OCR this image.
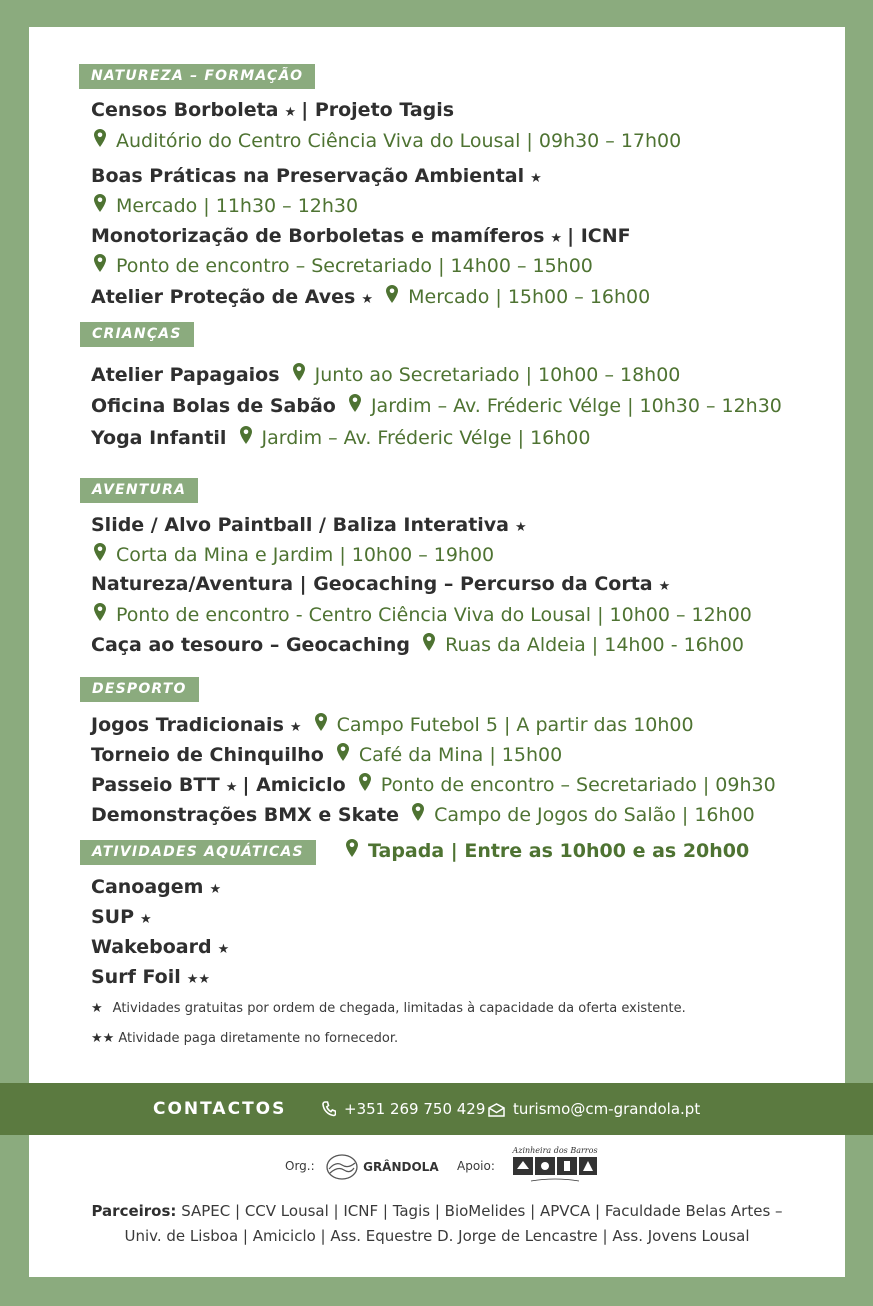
NATUREZA – FORMAÇÃO
Censos Borboleta ★ | Projeto Tagis
Auditório do Centro Ciência Viva do Lousal | 09h30 – 17h00
Boas Práticas na Preservação Ambiental ★
Mercado | 11h30 – 12h30
Monotorização de Borboletas e mamíferos ★ | ICNF
Ponto de encontro – Secretariado | 14h00 – 15h00
Atelier Proteção de Aves ★ Mercado | 15h00 – 16h00
CRIANÇAS
Atelier Papagaios Junto ao Secretariado | 10h00 – 18h00
Oficina Bolas de Sabão Jardim – Av. Fréderic Vélge | 10h30 – 12h30
Yoga Infantil Jardim – Av. Fréderic Vélge | 16h00
AVENTURA
Slide / Alvo Paintball / Baliza Interativa ★
Corta da Mina e Jardim | 10h00 – 19h00
Natureza/Aventura | Geocaching – Percurso da Corta ★
Ponto de encontro - Centro Ciência Viva do Lousal | 10h00 – 12h00
Caça ao tesouro – Geocaching Ruas da Aldeia | 14h00 - 16h00
DESPORTO
Jogos Tradicionais ★ Campo Futebol 5 | A partir das 10h00
Torneio de Chinquilho Café da Mina | 15h00
Passeio BTT ★ | Amiciclo Ponto de encontro – Secretariado | 09h30
Demonstrações BMX e Skate Campo de Jogos do Salão | 16h00
ATIVIDADES AQUÁTICAS	Tapada | Entre as 10h00 e as 20h00
Canoagem ★
SUP ★
Wakeboard ★
Surf Foil ★★
★ Atividades gratuitas por ordem de chegada, limitadas à capacidade da oferta existente.
★★ Atividade paga diretamente no fornecedor.
CONTACTOS	+351 269 750 429	turismo@cm-grandola.pt
Org.:	GRÂNDOLA Apoio:
Azinheira dos Barros
Parceiros: SAPEC | CCV Lousal | ICNF | Tagis | BioMelides | APVCA | Faculdade Belas Artes –
Univ. de Lisboa | Amiciclo | Ass. Equestre D. Jorge de Lencastre | Ass. Jovens Lousal
